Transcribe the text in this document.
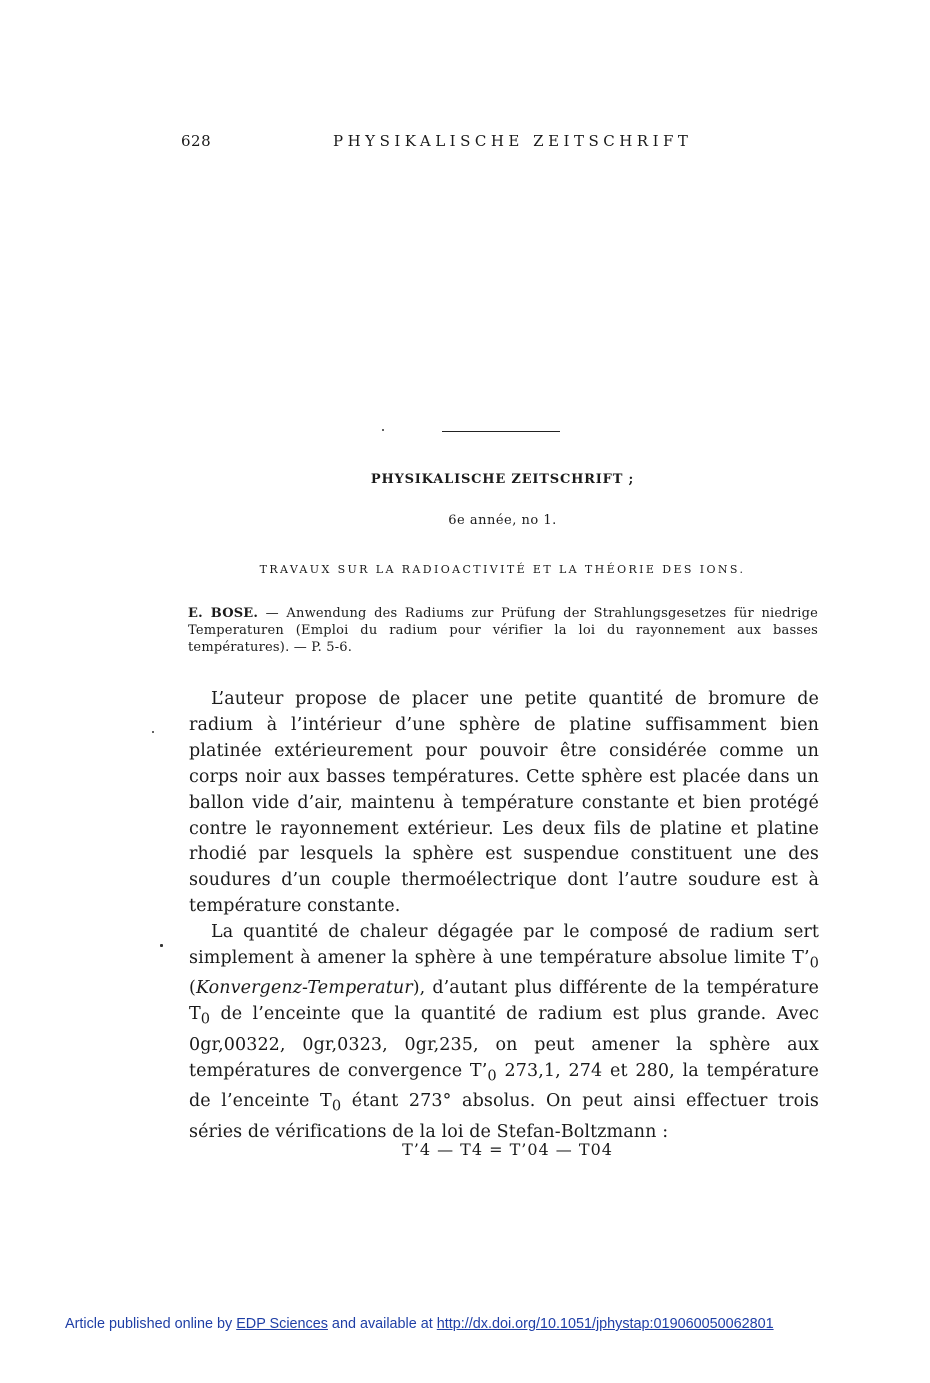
628	PHYSIKALISCHE ZEITSCHRIFT
PHYSIKALISCHE ZEITSCHRIFT ;
6e année, no 1.
TRAVAUX SUR LA RADIOACTIVITÉ ET LA THÉORIE DES IONS.
E. BOSE. — Anwendung des Radiums zur Prüfung der Strahlungsgesetzes für niedrige Temperaturen (Emploi du radium pour vérifier la loi du rayonnement aux basses températures). — P. 5-6.

L’auteur propose de placer une petite quantité de bromure de radium à l’intérieur d’une sphère de platine suffisamment bien platinée extérieurement pour pouvoir être considérée comme un corps noir aux basses températures. Cette sphère est placée dans un ballon vide d’air, maintenu à température constante et bien protégé contre le rayonnement extérieur. Les deux fils de platine et platine rhodié par lesquels la sphère est suspendue constituent une des soudures d’un couple thermoélectrique dont l’autre soudure est à température constante.

La quantité de chaleur dégagée par le composé de radium sert simplement à amener la sphère à une température absolue limite $T’_0$ (Konvergenz-Temperatur), d’autant plus différente de la température $T_0$ de l’enceinte que la quantité de radium est plus grande. Avec 0gr,00322, 0gr,0323, 0gr,235, on peut amener la sphère aux températures de convergence $T’_0$ 273,1, 274 et 280, la température de l’enceinte $T_0$ étant 273° absolus. On peut ainsi effectuer trois séries de vérifications de la loi de Stefan-Boltzmann :

T’4 — T4 = T’04 — T04
Article published online by EDP Sciences and available at http://dx.doi.org/10.1051/jphystap:019060050062801
